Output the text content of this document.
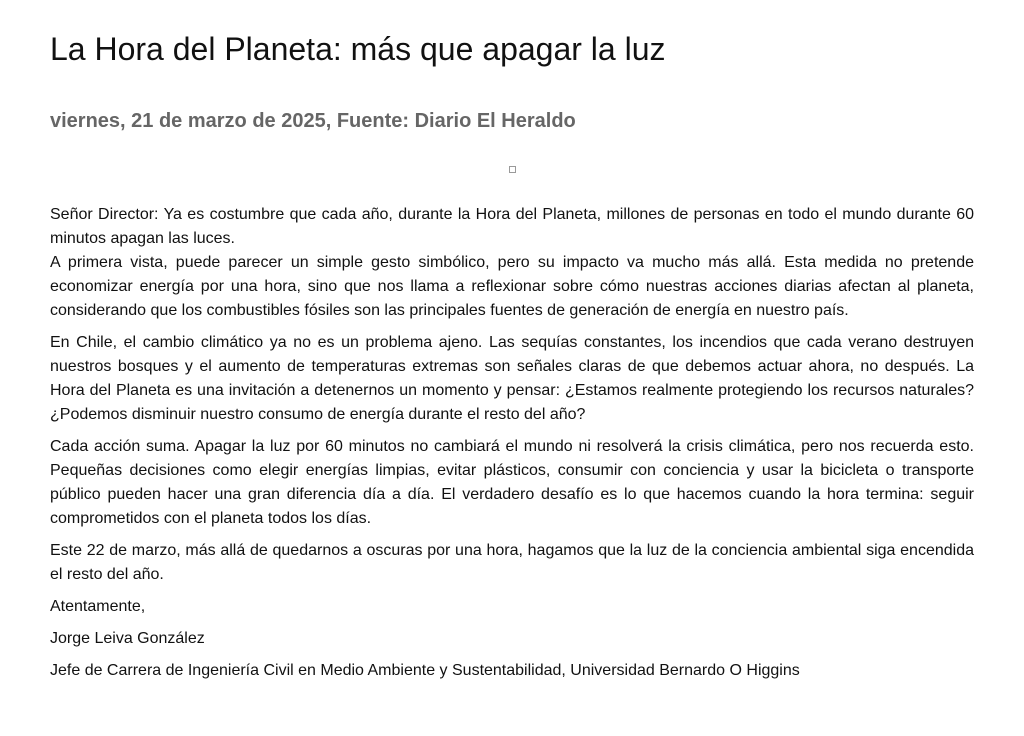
La Hora del Planeta: más que apagar la luz
viernes, 21 de marzo de 2025, Fuente: Diario El Heraldo

Señor Director: Ya es costumbre que cada año, durante la Hora del Planeta, millones de personas en todo el mundo durante 60 minutos apagan las luces.

A primera vista, puede parecer un simple gesto simbólico, pero su impacto va mucho más allá. Esta medida no pretende economizar energía por una hora, sino que nos llama a reflexionar sobre cómo nuestras acciones diarias afectan al planeta, considerando que los combustibles fósiles son las principales fuentes de generación de energía en nuestro país.

En Chile, el cambio climático ya no es un problema ajeno. Las sequías constantes, los incendios que cada verano destruyen nuestros bosques y el aumento de temperaturas extremas son señales claras de que debemos actuar ahora, no después. La Hora del Planeta es una invitación a detenernos un momento y pensar: ¿Estamos realmente protegiendo los recursos naturales? ¿Podemos disminuir nuestro consumo de energía durante el resto del año?

Cada acción suma. Apagar la luz por 60 minutos no cambiará el mundo ni resolverá la crisis climática, pero nos recuerda esto. Pequeñas decisiones como elegir energías limpias, evitar plásticos, consumir con conciencia y usar la bicicleta o transporte público pueden hacer una gran diferencia día a día. El verdadero desafío es lo que hacemos cuando la hora termina: seguir comprometidos con el planeta todos los días.

Este 22 de marzo, más allá de quedarnos a oscuras por una hora, hagamos que la luz de la conciencia ambiental siga encendida el resto del año.

Atentamente,

Jorge Leiva González

Jefe de Carrera de Ingeniería Civil en Medio Ambiente y Sustentabilidad, Universidad Bernardo O Higgins
